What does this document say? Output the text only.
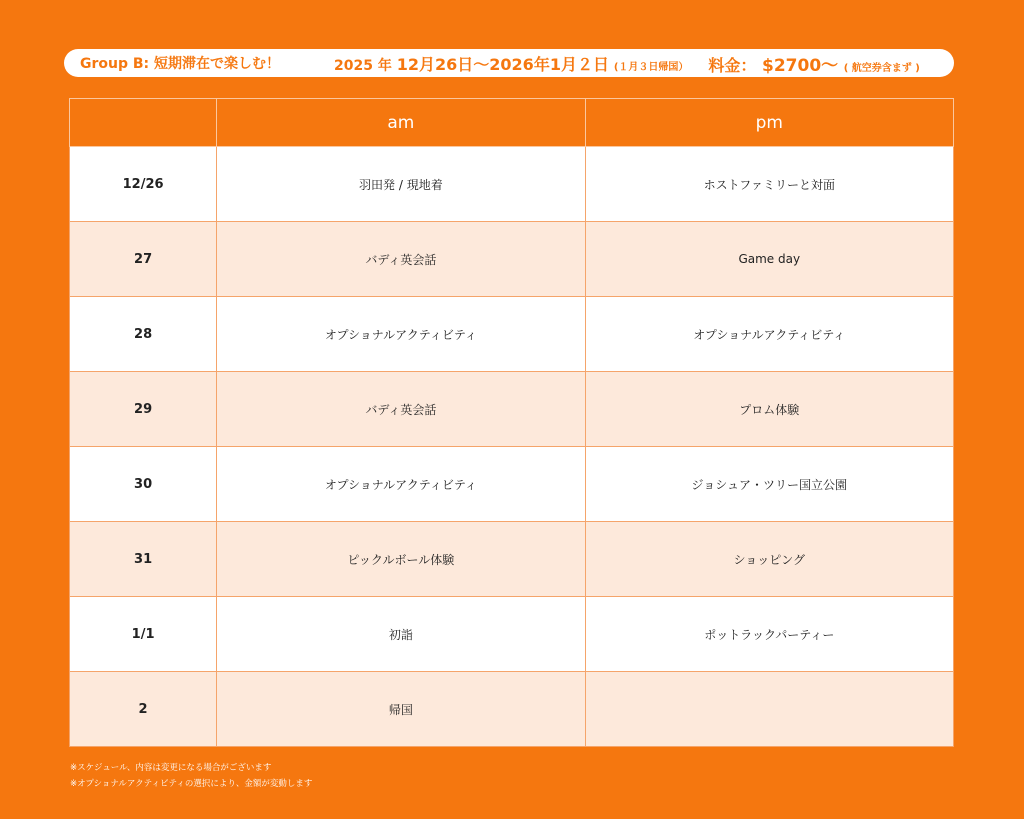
Group B: 短期滞在で楽しむ！	2025 年 12月26日〜2026年1月２日 (１月３日帰国） 料金： $2700〜 ( 航空券含まず )
	am	pm
12/26	羽田発 / 現地着	ホストファミリーと対面
27	バディ英会話	Game day
28	オプショナルアクティビティ	オプショナルアクティビティ
29	バディ英会話	プロム体験
30	オプショナルアクティビティ	ジョシュア・ツリー国立公園
31	ピックルボール体験	ショッピング
1/1	初詣	ポットラックパーティー
2	帰国	
※スケジュール、内容は変更になる場合がございます
※オプショナルアクティビティの選択により、金額が変動します
